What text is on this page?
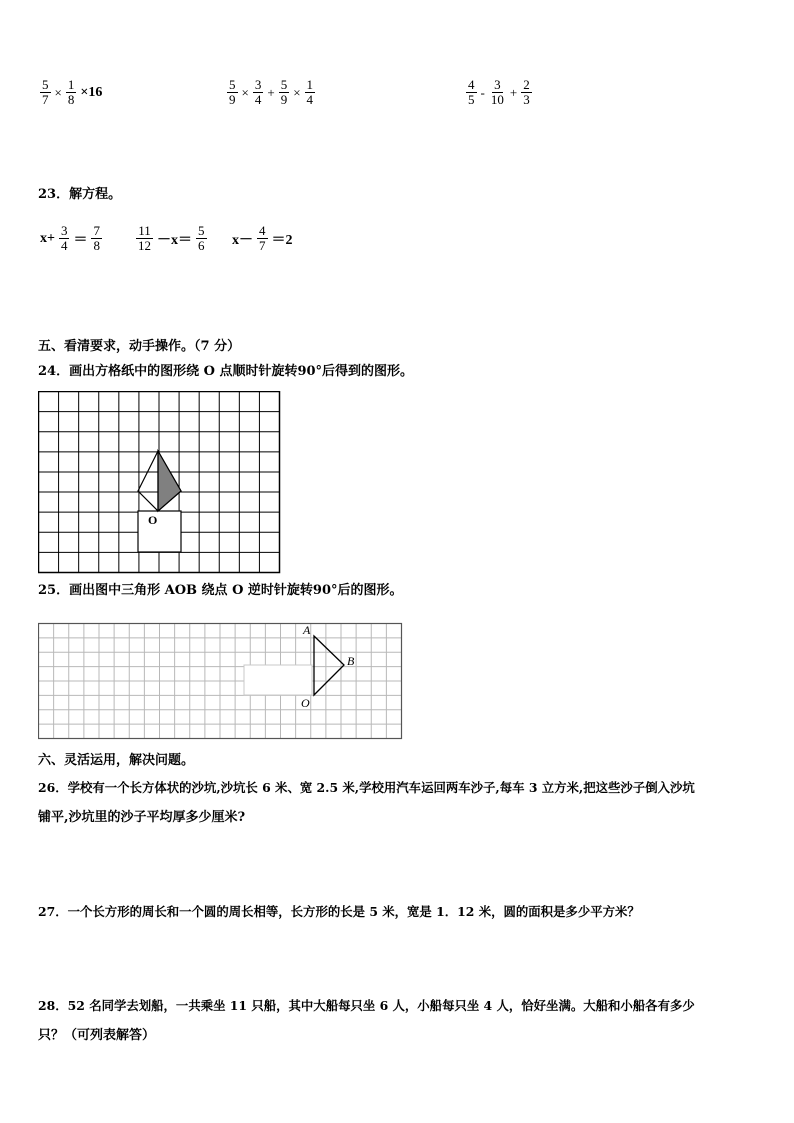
$\frac{5}{7} \times \frac{1}{8} \times 16$	$\frac{5}{9} \times \frac{3}{4} + \frac{5}{9} \times \frac{1}{4}$	$\frac{4}{5} - \frac{3}{10} + \frac{2}{3}$
23．解方程。
$x+ \frac{3}{4} = \frac{7}{8}$	$\frac{11}{12} -x= \frac{5}{6} x- \frac{4}{7} =2$
五、看清要求，动手操作。（7 分）
24．画出方格纸中的图形绕 O 点顺时针旋转90°后得到的图形。
O
25．画出图中三角形 AOB 绕点 O 逆时针旋转90°后的图形。
A
B
O
六、灵活运用，解决问题。
26．学校有一个长方体状的沙坑,沙坑长 6 米、宽 2.5 米,学校用汽车运回两车沙子,每车 3 立方米,把这些沙子倒入沙坑
铺平,沙坑里的沙子平均厚多少厘米?
27．一个长方形的周长和一个圆的周长相等，长方形的长是 5 米，宽是 1．12 米，圆的面积是多少平方米？
28．52 名同学去划船，一共乘坐 11 只船，其中大船每只坐 6 人，小船每只坐 4 人，恰好坐满。大船和小船各有多少
只？（可列表解答）
